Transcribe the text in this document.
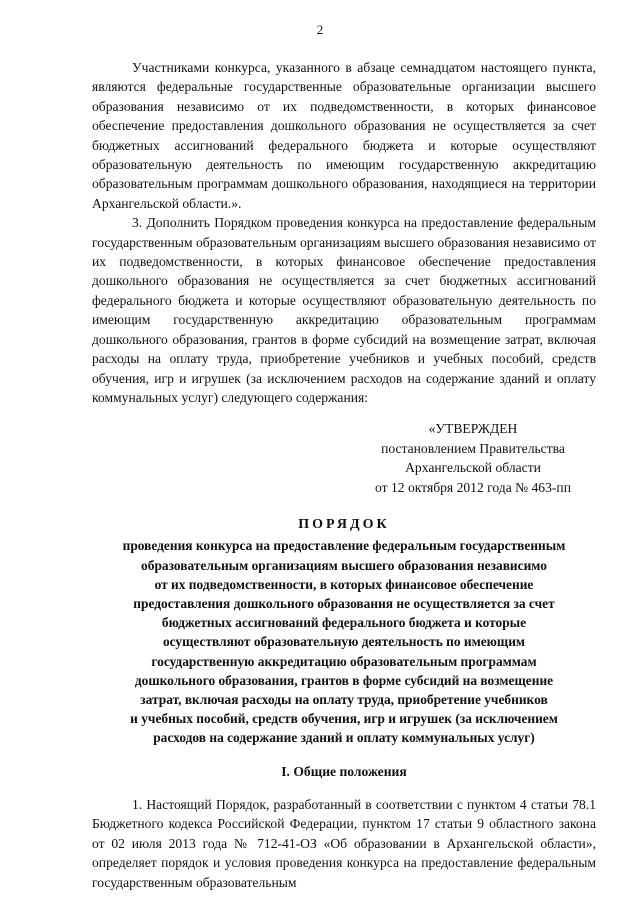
2

Участниками конкурса, указанного в абзаце семнадцатом настоящего пункта, являются федеральные государственные образовательные организации высшего образования независимо от их подведомственности, в которых финансовое обеспечение предоставления дошкольного образования не осуществляется за счет бюджетных ассигнований федерального бюджета и которые осуществляют образовательную деятельность по имеющим государственную аккредитацию образовательным программам дошкольного образования, находящиеся на территории Архангельской области.».

3. Дополнить Порядком проведения конкурса на предоставление федеральным государственным образовательным организациям высшего образования независимо от их подведомственности, в которых финансовое обеспечение предоставления дошкольного образования не осуществляется за счет бюджетных ассигнований федерального бюджета и которые осуществляют образовательную деятельность по имеющим государственную аккредитацию образовательным программам дошкольного образования, грантов в форме субсидий на возмещение затрат, включая расходы на оплату труда, приобретение учебников и учебных пособий, средств обучения, игр и игрушек (за исключением расходов на содержание зданий и оплату коммунальных услуг) следующего содержания:

«УТВЕРЖДЕН
постановлением Правительства
Архангельской области
от 12 октября 2012 года № 463-пп
ПОРЯДОК
проведения конкурса на предоставление федеральным государственным
образовательным организациям высшего образования независимо
от их подведомственности, в которых финансовое обеспечение
предоставления дошкольного образования не осуществляется за счет
бюджетных ассигнований федерального бюджета и которые
осуществляют образовательную деятельность по имеющим
государственную аккредитацию образовательным программам
дошкольного образования, грантов в форме субсидий на возмещение
затрат, включая расходы на оплату труда, приобретение учебников
и учебных пособий, средств обучения, игр и игрушек (за исключением
расходов на содержание зданий и оплату коммунальных услуг)
I. Общие положения

1. Настоящий Порядок, разработанный в соответствии с пунктом 4 статьи 78.1 Бюджетного кодекса Российской Федерации, пунктом 17 статьи 9 областного закона от 02 июля 2013 года № 712-41-ОЗ «Об образовании в Архангельской области», определяет порядок и условия проведения конкурса на предоставление федеральным государственным образовательным
